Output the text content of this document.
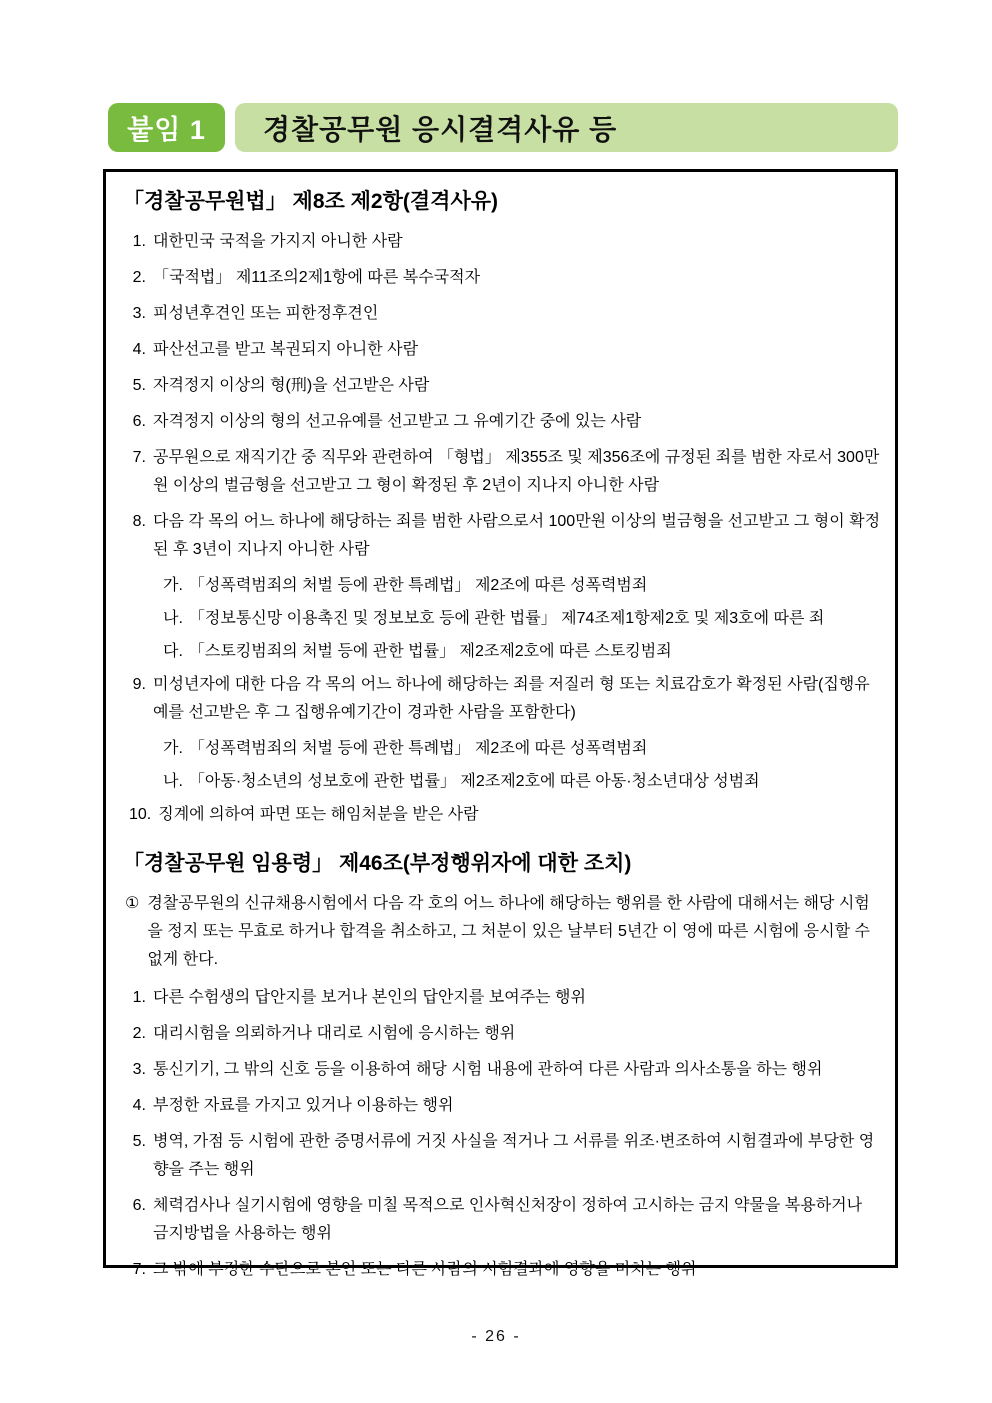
붙임 1	경찰공무원 응시결격사유 등
「경찰공무원법」 제8조 제2항(결격사유)
1. 대한민국 국적을 가지지 아니한 사람
2. 「국적법」 제11조의2제1항에 따른 복수국적자
3. 피성년후견인 또는 피한정후견인
4. 파산선고를 받고 복권되지 아니한 사람
5. 자격정지 이상의 형(刑)을 선고받은 사람
6. 자격정지 이상의 형의 선고유예를 선고받고 그 유예기간 중에 있는 사람
7. 공무원으로 재직기간 중 직무와 관련하여 「형법」 제355조 및 제356조에 규정된 죄를 범한 자로서 300만원 이상의 벌금형을 선고받고 그 형이 확정된 후 2년이 지나지 아니한 사람
8. 다음 각 목의 어느 하나에 해당하는 죄를 범한 사람으로서 100만원 이상의 벌금형을 선고받고 그 형이 확정된 후 3년이 지나지 아니한 사람
가. 「성폭력범죄의 처벌 등에 관한 특례법」 제2조에 따른 성폭력범죄
나. 「정보통신망 이용촉진 및 정보보호 등에 관한 법률」 제74조제1항제2호 및 제3호에 따른 죄
다. 「스토킹범죄의 처벌 등에 관한 법률」 제2조제2호에 따른 스토킹범죄
9. 미성년자에 대한 다음 각 목의 어느 하나에 해당하는 죄를 저질러 형 또는 치료감호가 확정된 사람(집행유예를 선고받은 후 그 집행유예기간이 경과한 사람을 포함한다)
가. 「성폭력범죄의 처벌 등에 관한 특례법」 제2조에 따른 성폭력범죄
나. 「아동·청소년의 성보호에 관한 법률」 제2조제2호에 따른 아동·청소년대상 성범죄
10. 징계에 의하여 파면 또는 해임처분을 받은 사람
「경찰공무원 임용령」 제46조(부정행위자에 대한 조치)
① 경찰공무원의 신규채용시험에서 다음 각 호의 어느 하나에 해당하는 행위를 한 사람에 대해서는 해당 시험을 정지 또는 무효로 하거나 합격을 취소하고, 그 처분이 있은 날부터 5년간 이 영에 따른 시험에 응시할 수 없게 한다.
1. 다른 수험생의 답안지를 보거나 본인의 답안지를 보여주는 행위
2. 대리시험을 의뢰하거나 대리로 시험에 응시하는 행위
3. 통신기기, 그 밖의 신호 등을 이용하여 해당 시험 내용에 관하여 다른 사람과 의사소통을 하는 행위
4. 부정한 자료를 가지고 있거나 이용하는 행위
5. 병역, 가점 등 시험에 관한 증명서류에 거짓 사실을 적거나 그 서류를 위조·변조하여 시험결과에 부당한 영향을 주는 행위
6. 체력검사나 실기시험에 영향을 미칠 목적으로 인사혁신처장이 정하여 고시하는 금지 약물을 복용하거나 금지방법을 사용하는 행위
7. 그 밖에 부정한 수단으로 본인 또는 다른 사람의 시험결과에 영향을 미치는 행위
- 26 -
